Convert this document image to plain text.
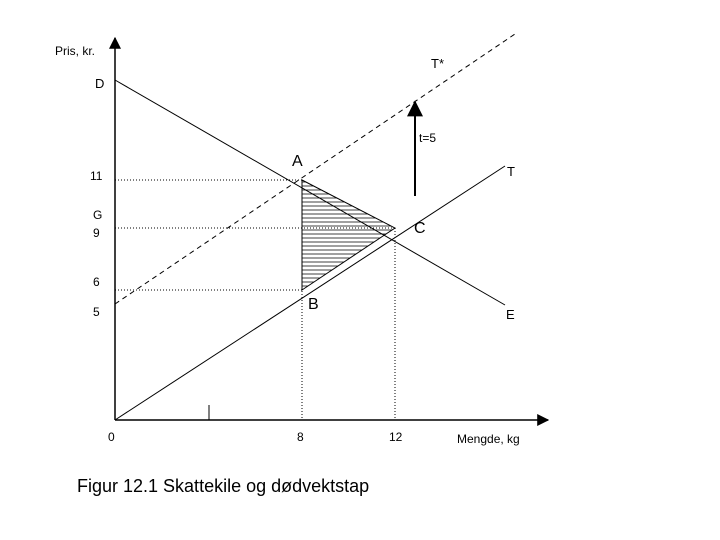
Pris, kr.
Mengde, kg
0
11
G
9
6
5
8	12
D
E
T
T*
t=5
A
B
C
Figur 12.1 Skattekile og dødvektstap
